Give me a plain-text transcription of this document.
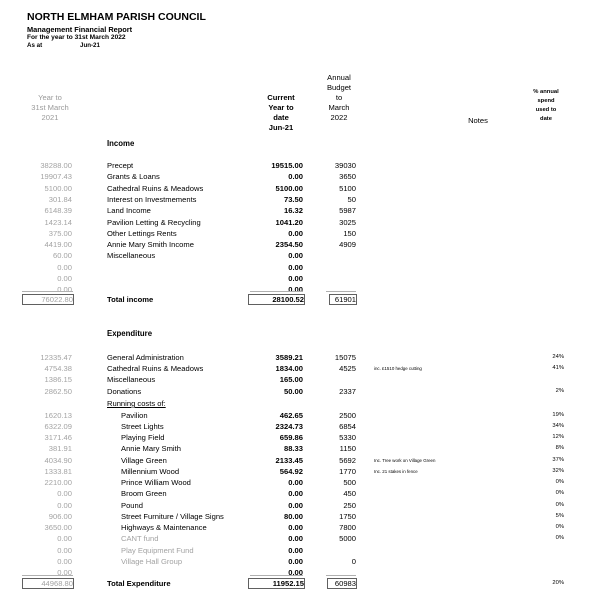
NORTH ELMHAM PARISH COUNCIL
Management Financial Report
For the year to 31st March 2022
As at	Jun-21
Year to
31st March
2021
Current
Year to
date
Jun-21
Annual
Budget
to
March
2022	Notes
% annual
spend
used to
date
Income
38288.00	Precept	19515.00	39030
19907.43	Grants & Loans	0.00	3650
5100.00	Cathedral Ruins & Meadows	5100.00	5100
301.84	Interest on Investmements	73.50	50
6148.39	Land Income	16.32	5987
1423.14	Pavilion Letting & Recycling	1041.20	3025
375.00	Other Lettings Rents	0.00	150
4419.00	Annie Mary Smith Income	2354.50	4909
60.00	Miscellaneous	0.00
0.00	0.00
0.00	0.00
0.00	0.00
76022.80	Total income	28100.52	61901
Expenditure
12335.47	General Administration	3589.21	15075	24%
4754.38	Cathedral Ruins & Meadows	1834.00	4525	inc. £1510 hedge cutting	41%
1386.15	Miscellaneous	165.00
2862.50	Donations	50.00	2337	2%
Running costs of:
1620.13	Pavilion	462.65	2500	19%
6322.09	Street Lights	2324.73	6854	34%
3171.46	Playing Field	659.86	5330	12%
381.91	Annie Mary Smith	88.33	1150	8%
4034.90	Village Green	2133.45	5692	Inc. Tree work on Village Green	37%
1333.81	Millennium Wood	564.92	1770	Inc. 21 stakes in fence	32%
2210.00	Prince William Wood	0.00	500	0%
0.00	Broom Green	0.00	450	0%
0.00	Pound	0.00	250	0%
906.00	Street Furniture / Village Signs	80.00	1750	5%
3650.00	Highways & Maintenance	0.00	7800	0%
0.00	CANT fund	0.00	5000	0%
0.00	Play Equipment Fund	0.00
0.00	Village Hall Group	0.00	0
0.00	0.00
44968.80	Total Expenditure	11952.15	60983	20%
